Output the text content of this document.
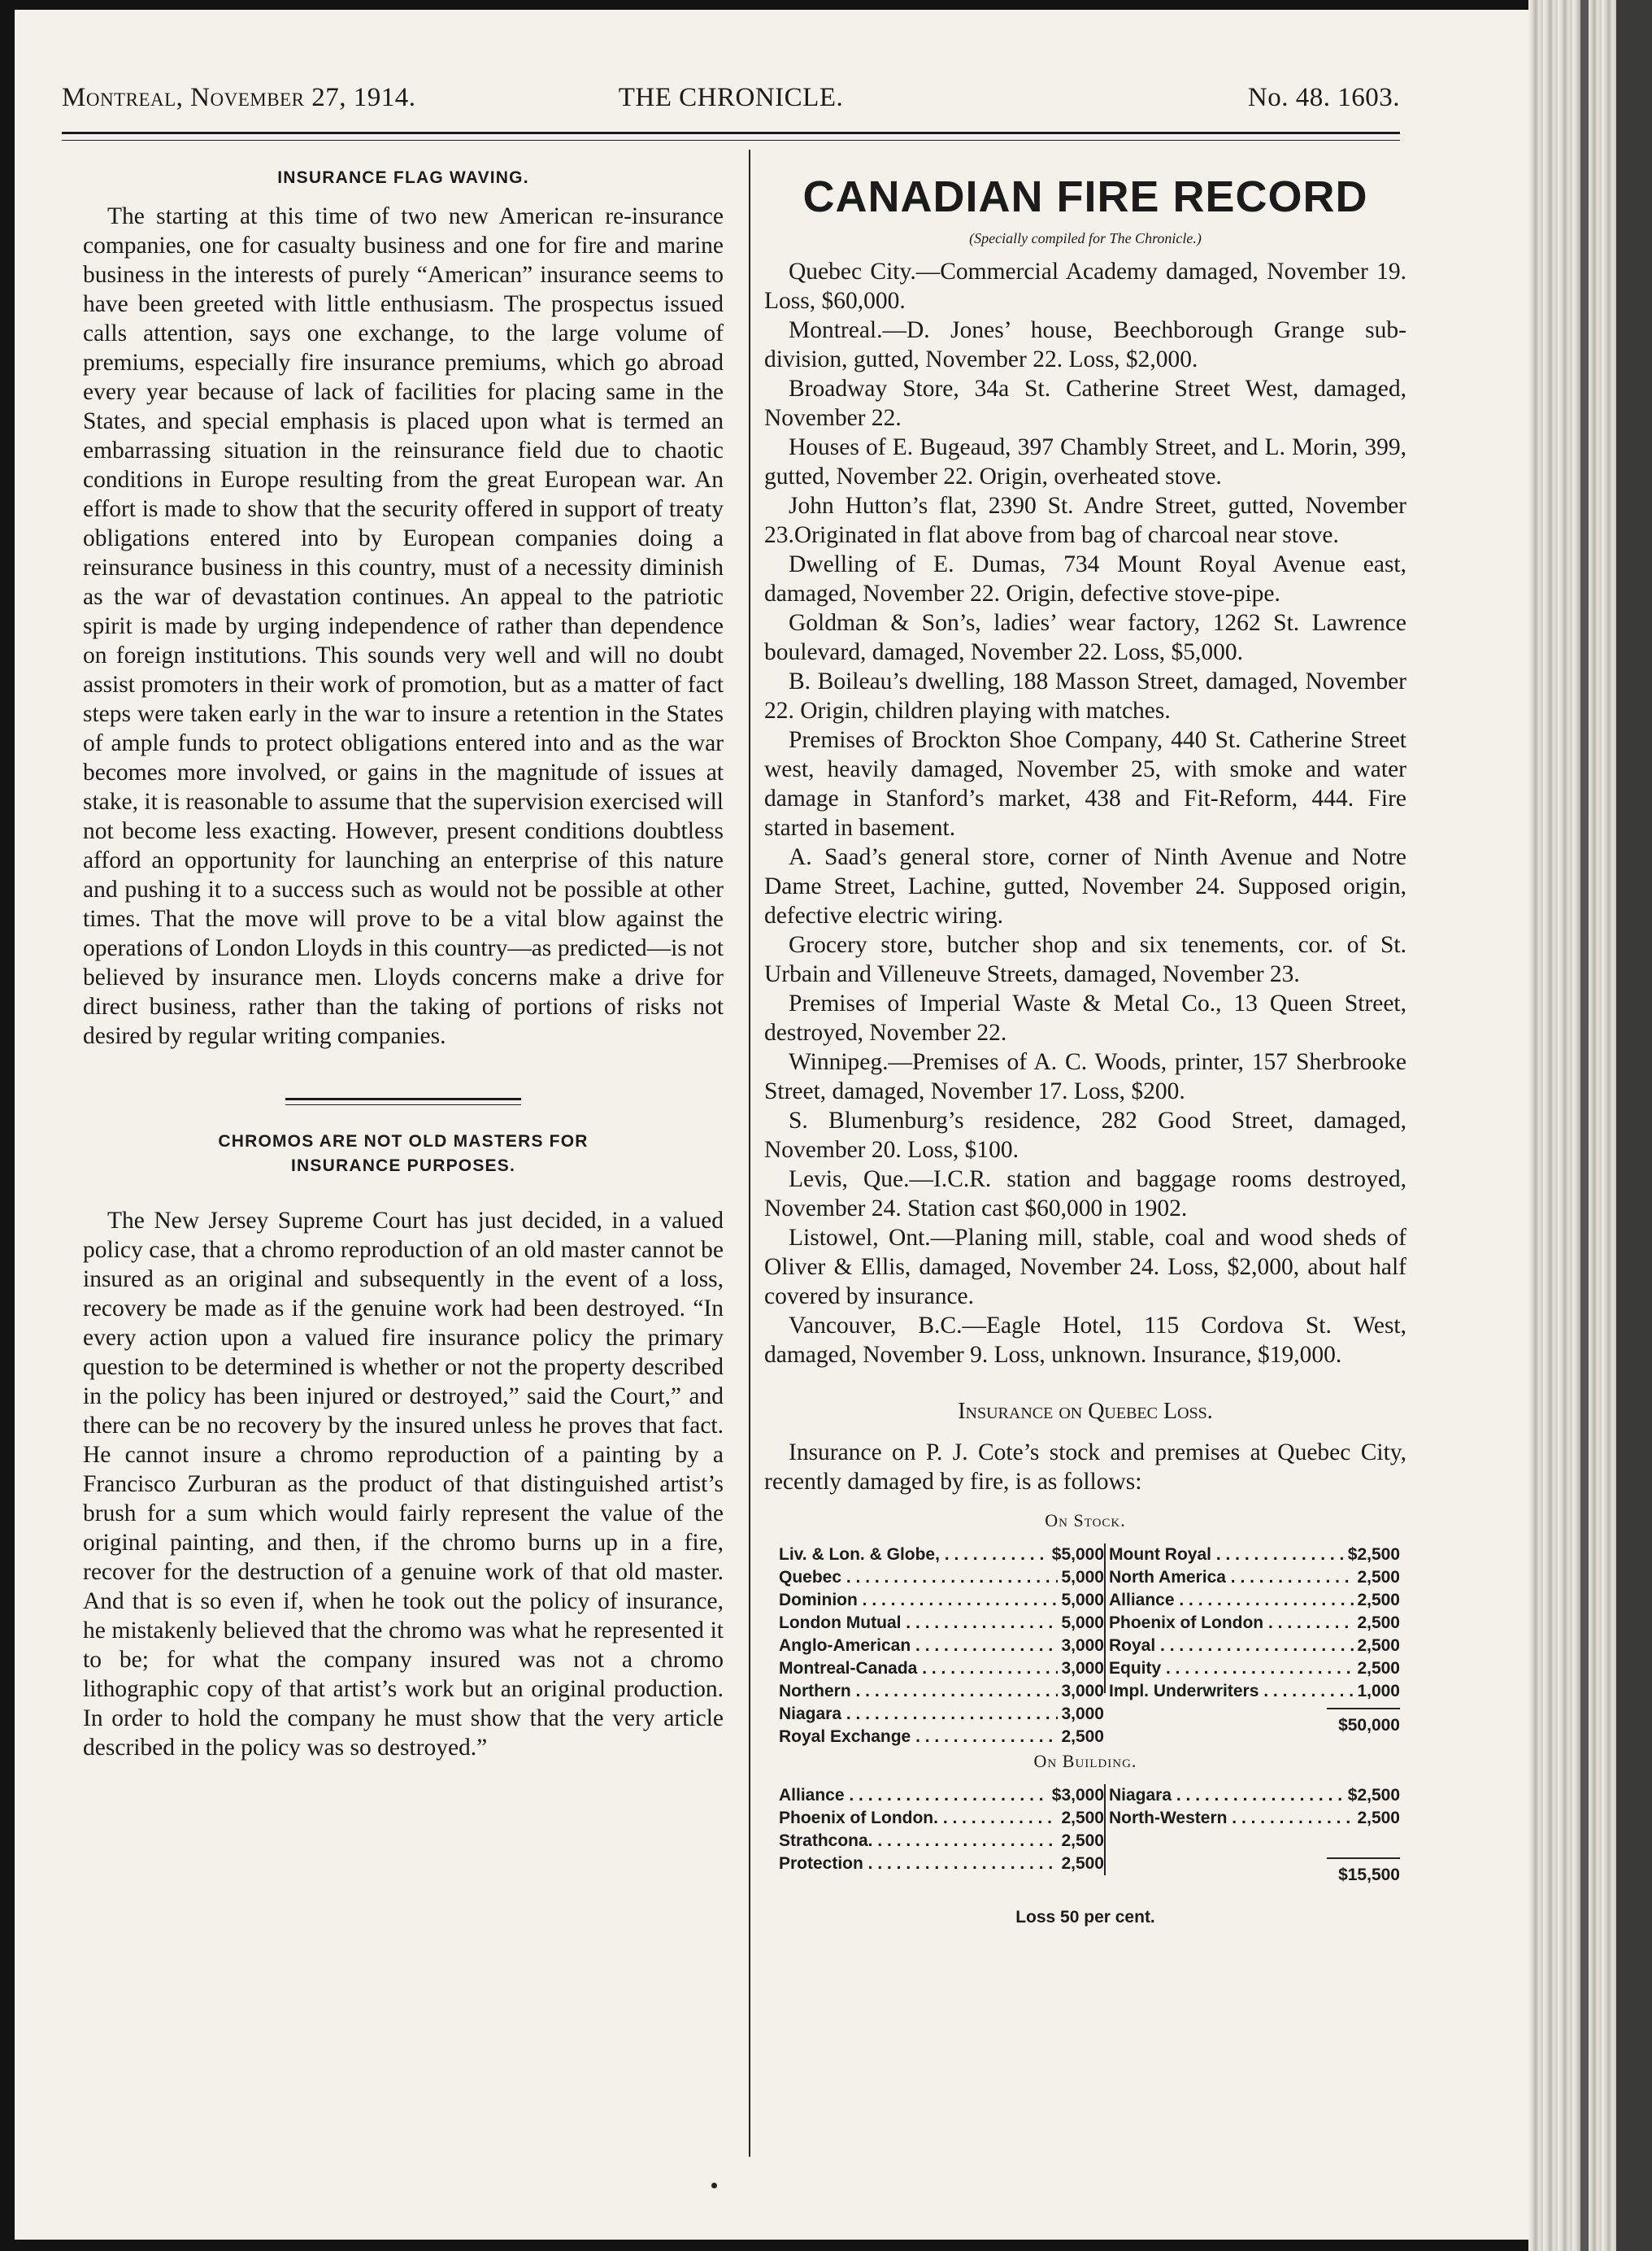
THE CHRONICLE.
Montreal, November 27, 1914.	No. 48. 1603.
INSURANCE FLAG WAVING.

The starting at this time of two new American re-insurance companies, one for casualty business and one for fire and marine business in the interests of purely “American” insurance seems to have been greeted with little enthusiasm. The prospectus issued calls attention, says one exchange, to the large volume of premiums, especially fire insurance premiums, which go abroad every year because of lack of facilities for placing same in the States, and special emphasis is placed upon what is termed an embarrassing situation in the reinsurance field due to chaotic conditions in Europe resulting from the great European war. An effort is made to show that the security offered in support of treaty obligations entered into by European companies doing a reinsurance business in this country, must of a necessity diminish as the war of devastation continues. An appeal to the patriotic spirit is made by urging independence of rather than dependence on foreign institutions. This sounds very well and will no doubt assist promoters in their work of promotion, but as a matter of fact steps were taken early in the war to insure a retention in the States of ample funds to protect obligations entered into and as the war becomes more involved, or gains in the magnitude of issues at stake, it is reasonable to assume that the supervision exercised will not become less exacting. However, present conditions doubtless afford an opportunity for launching an enterprise of this nature and pushing it to a success such as would not be possible at other times. That the move will prove to be a vital blow against the operations of London Lloyds in this country—as predicted—is not believed by insurance men. Lloyds concerns make a drive for direct business, rather than the taking of portions of risks not desired by regular writing companies.

CHROMOS ARE NOT OLD MASTERS FOR
INSURANCE PURPOSES.

The New Jersey Supreme Court has just decided, in a valued policy case, that a chromo reproduction of an old master cannot be insured as an original and subsequently in the event of a loss, recovery be made as if the genuine work had been destroyed. “In every action upon a valued fire insurance policy the primary question to be determined is whether or not the property described in the policy has been injured or destroyed,” said the Court,” and there can be no recovery by the insured unless he proves that fact. He cannot insure a chromo reproduction of a painting by a Francisco Zurburan as the product of that distinguished artist’s brush for a sum which would fairly represent the value of the original painting, and then, if the chromo burns up in a fire, recover for the destruction of a genuine work of that old master. And that is so even if, when he took out the policy of insurance, he mistakenly believed that the chromo was what he represented it to be; for what the company insured was not a chromo lithographic copy of that artist’s work but an original production. In order to hold the company he must show that the very article described in the policy was so destroyed.”

CANADIAN FIRE RECORD
(Specially compiled for The Chronicle.)

Quebec City.—Commercial Academy damaged, November 19. Loss, $60,000.

Montreal.—D. Jones’ house, Beechborough Grange sub-division, gutted, November 22. Loss, $2,000.

Broadway Store, 34a St. Catherine Street West, damaged, November 22.

Houses of E. Bugeaud, 397 Chambly Street, and L. Morin, 399, gutted, November 22. Origin, overheated stove.

John Hutton’s flat, 2390 St. Andre Street, gutted, November 23.Originated in flat above from bag of charcoal near stove.

Dwelling of E. Dumas, 734 Mount Royal Avenue east, damaged, November 22. Origin, defective stove-pipe.

Goldman & Son’s, ladies’ wear factory, 1262 St. Lawrence boulevard, damaged, November 22. Loss, $5,000.

B. Boileau’s dwelling, 188 Masson Street, damaged, November 22. Origin, children playing with matches.

Premises of Brockton Shoe Company, 440 St. Catherine Street west, heavily damaged, November 25, with smoke and water damage in Stanford’s market, 438 and Fit-Reform, 444. Fire started in basement.

A. Saad’s general store, corner of Ninth Avenue and Notre Dame Street, Lachine, gutted, November 24. Supposed origin, defective electric wiring.

Grocery store, butcher shop and six tenements, cor. of St. Urbain and Villeneuve Streets, damaged, November 23.

Premises of Imperial Waste & Metal Co., 13 Queen Street, destroyed, November 22.

Winnipeg.—Premises of A. C. Woods, printer, 157 Sherbrooke Street, damaged, November 17. Loss, $200.

S. Blumenburg’s residence, 282 Good Street, damaged, November 20. Loss, $100.

Levis, Que.—I.C.R. station and baggage rooms destroyed, November 24. Station cast $60,000 in 1902.

Listowel, Ont.—Planing mill, stable, coal and wood sheds of Oliver & Ellis, damaged, November 24. Loss, $2,000, about half covered by insurance.

Vancouver, B.C.—Eagle Hotel, 115 Cordova St. West, damaged, November 9. Loss, unknown. Insurance, $19,000.

Insurance on Quebec Loss.

Insurance on P. J. Cote’s stock and premises at Quebec City, recently damaged by fire, is as follows:

On Stock.
Liv. & Lon. & Globe, . . .	$5,000
Quebec . . .	5,000
Dominion . . .	5,000
London Mutual . . .	5,000
Anglo-American . . .	3,000
Montreal-Canada . . .	3,000
Northern . . .	3,000
Niagara . . .	3,000
Royal Exchange . . .	2,500
Mount Royal . . .	$2,500
North America . . .	2,500
Alliance . . .	2,500
Phoenix of London . . .	2,500
Royal . . .	2,500
Equity . . .	2,500
Impl. Underwriters . . .	1,000
$50,000
On Building.
Alliance . . .	$3,000
Phoenix of London. . . .	2,500
Strathcona. . . .	2,500
Protection . . .	2,500
Niagara . . .	$2,500
North-Western . . .	2,500
$15,500
Loss 50 per cent.
